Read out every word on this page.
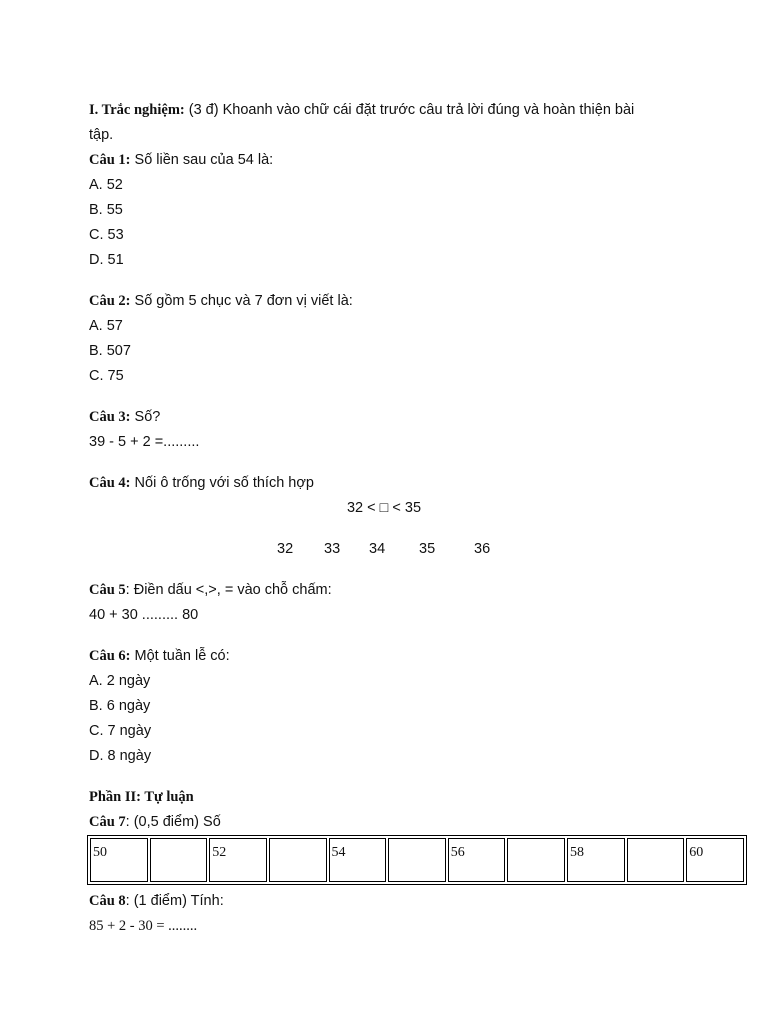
I. Trắc nghiệm: (3 đ) Khoanh vào chữ cái đặt trước câu trả lời đúng và hoàn thiện bài
tập.
Câu 1: Số liền sau của 54 là:
A. 52
B. 55
C. 53
D. 51
Câu 2: Số gồm 5 chục và 7 đơn vị viết là:
A. 57
B. 507
C. 75
Câu 3: Số?
39 - 5 + 2 =.........
Câu 4: Nối ô trống với số thích hợp
32 < □ < 35
32 33 34 35	36
Câu 5: Điền dấu <,>, = vào chỗ chấm:
40 + 30 ......... 80
Câu 6: Một tuần lễ có:
A. 2 ngày
B. 6 ngày
C. 7 ngày
D. 8 ngày
Phần II: Tự luận
Câu 7: (0,5 điểm) Số
50		52		54		56		58		60
Câu 8: (1 điểm) Tính:
85 + 2 - 30 = ........
